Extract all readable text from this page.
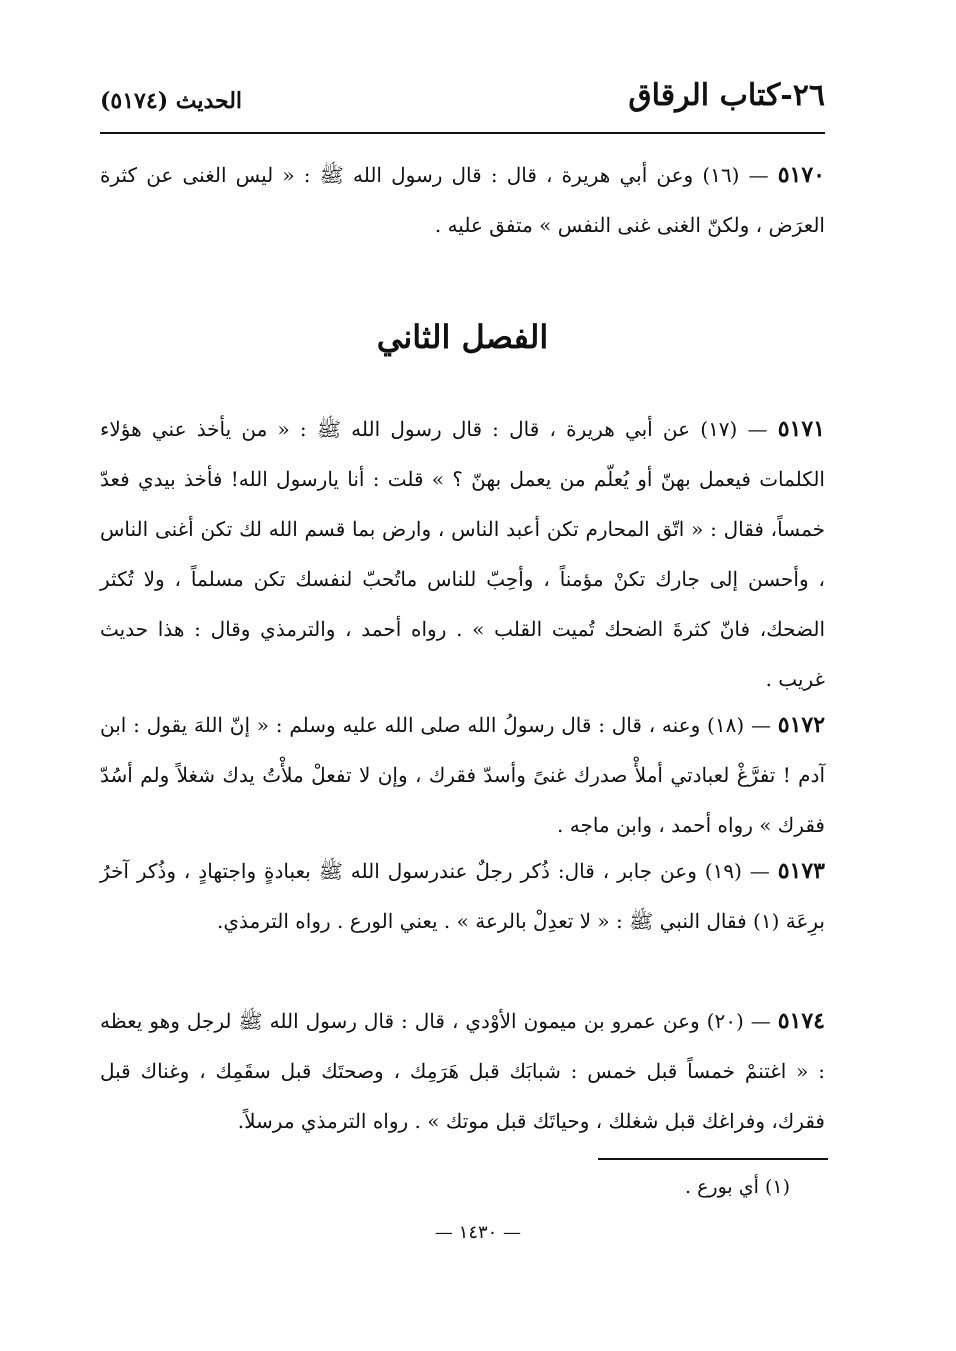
٢٦-كتاب الرقاق
الحديث (٥١٧٤)
٥١٧٠ — (١٦) وعن أبي هريرة ، قال : قال رسول الله ﷺ : « ليس الغنى عن كثرة العرَض ، ولكنّ الغنى غنى النفس » متفق عليه .
الفصل الثاني
٥١٧١ — (١٧) عن أبي هريرة ، قال : قال رسول الله ﷺ : « من يأخذ عني هؤلاء الكلمات فيعمل بهنّ أو يُعلّم من يعمل بهنّ ؟ » قلت : أنا يارسول الله! فأخذ بيدي فعدّ خمساً، فقال : « اتّق المحارم تكن أعبد الناس ، وارض بما قسم الله لك تكن أغنى الناس ، وأحسن إلى جارك تكنْ مؤمناً ، وأحِبّ للناس ماتُحبّ لنفسك تكن مسلماً ، ولا تُكثر الضحك، فانّ كثرةَ الضحك تُميت القلب » . رواه أحمد ، والترمذي وقال : هذا حديث غريب .
٥١٧٢ — (١٨) وعنه ، قال : قال رسولُ الله صلى الله عليه وسلم : « إنّ اللهَ يقول : ابن آدم ! تفرَّغْ لعبادتي أملأْ صدرك غنىً وأسدّ فقرك ، وإن لا تفعلْ ملأْتُ يدك شغلاً ولم أسُدّ فقرك » رواه أحمد ، وابن ماجه .
٥١٧٣ — (١٩) وعن جابر ، قال: ذُكر رجلٌ عندرسول الله ﷺ بعبادةٍ واجتهادٍ ، وذُكر آخرُ برِعَة (١) فقال النبي ﷺ : « لا تعدِلْ بالرعة » . يعني الورع . رواه الترمذي.
٥١٧٤ — (٢٠) وعن عمرو بن ميمون الأوْدي ، قال : قال رسول الله ﷺ لرجل وهو يعظه : « اغتنمْ خمساً قبل خمس : شبابَك قبل هَرَمِك ، وصحتَك قبل سقَمِك ، وغناك قبل فقرك، وفراغك قبل شغلك ، وحياتَك قبل موتك » . رواه الترمذي مرسلاً.
(١) أي بورع .
— ١٤٣٠ —
